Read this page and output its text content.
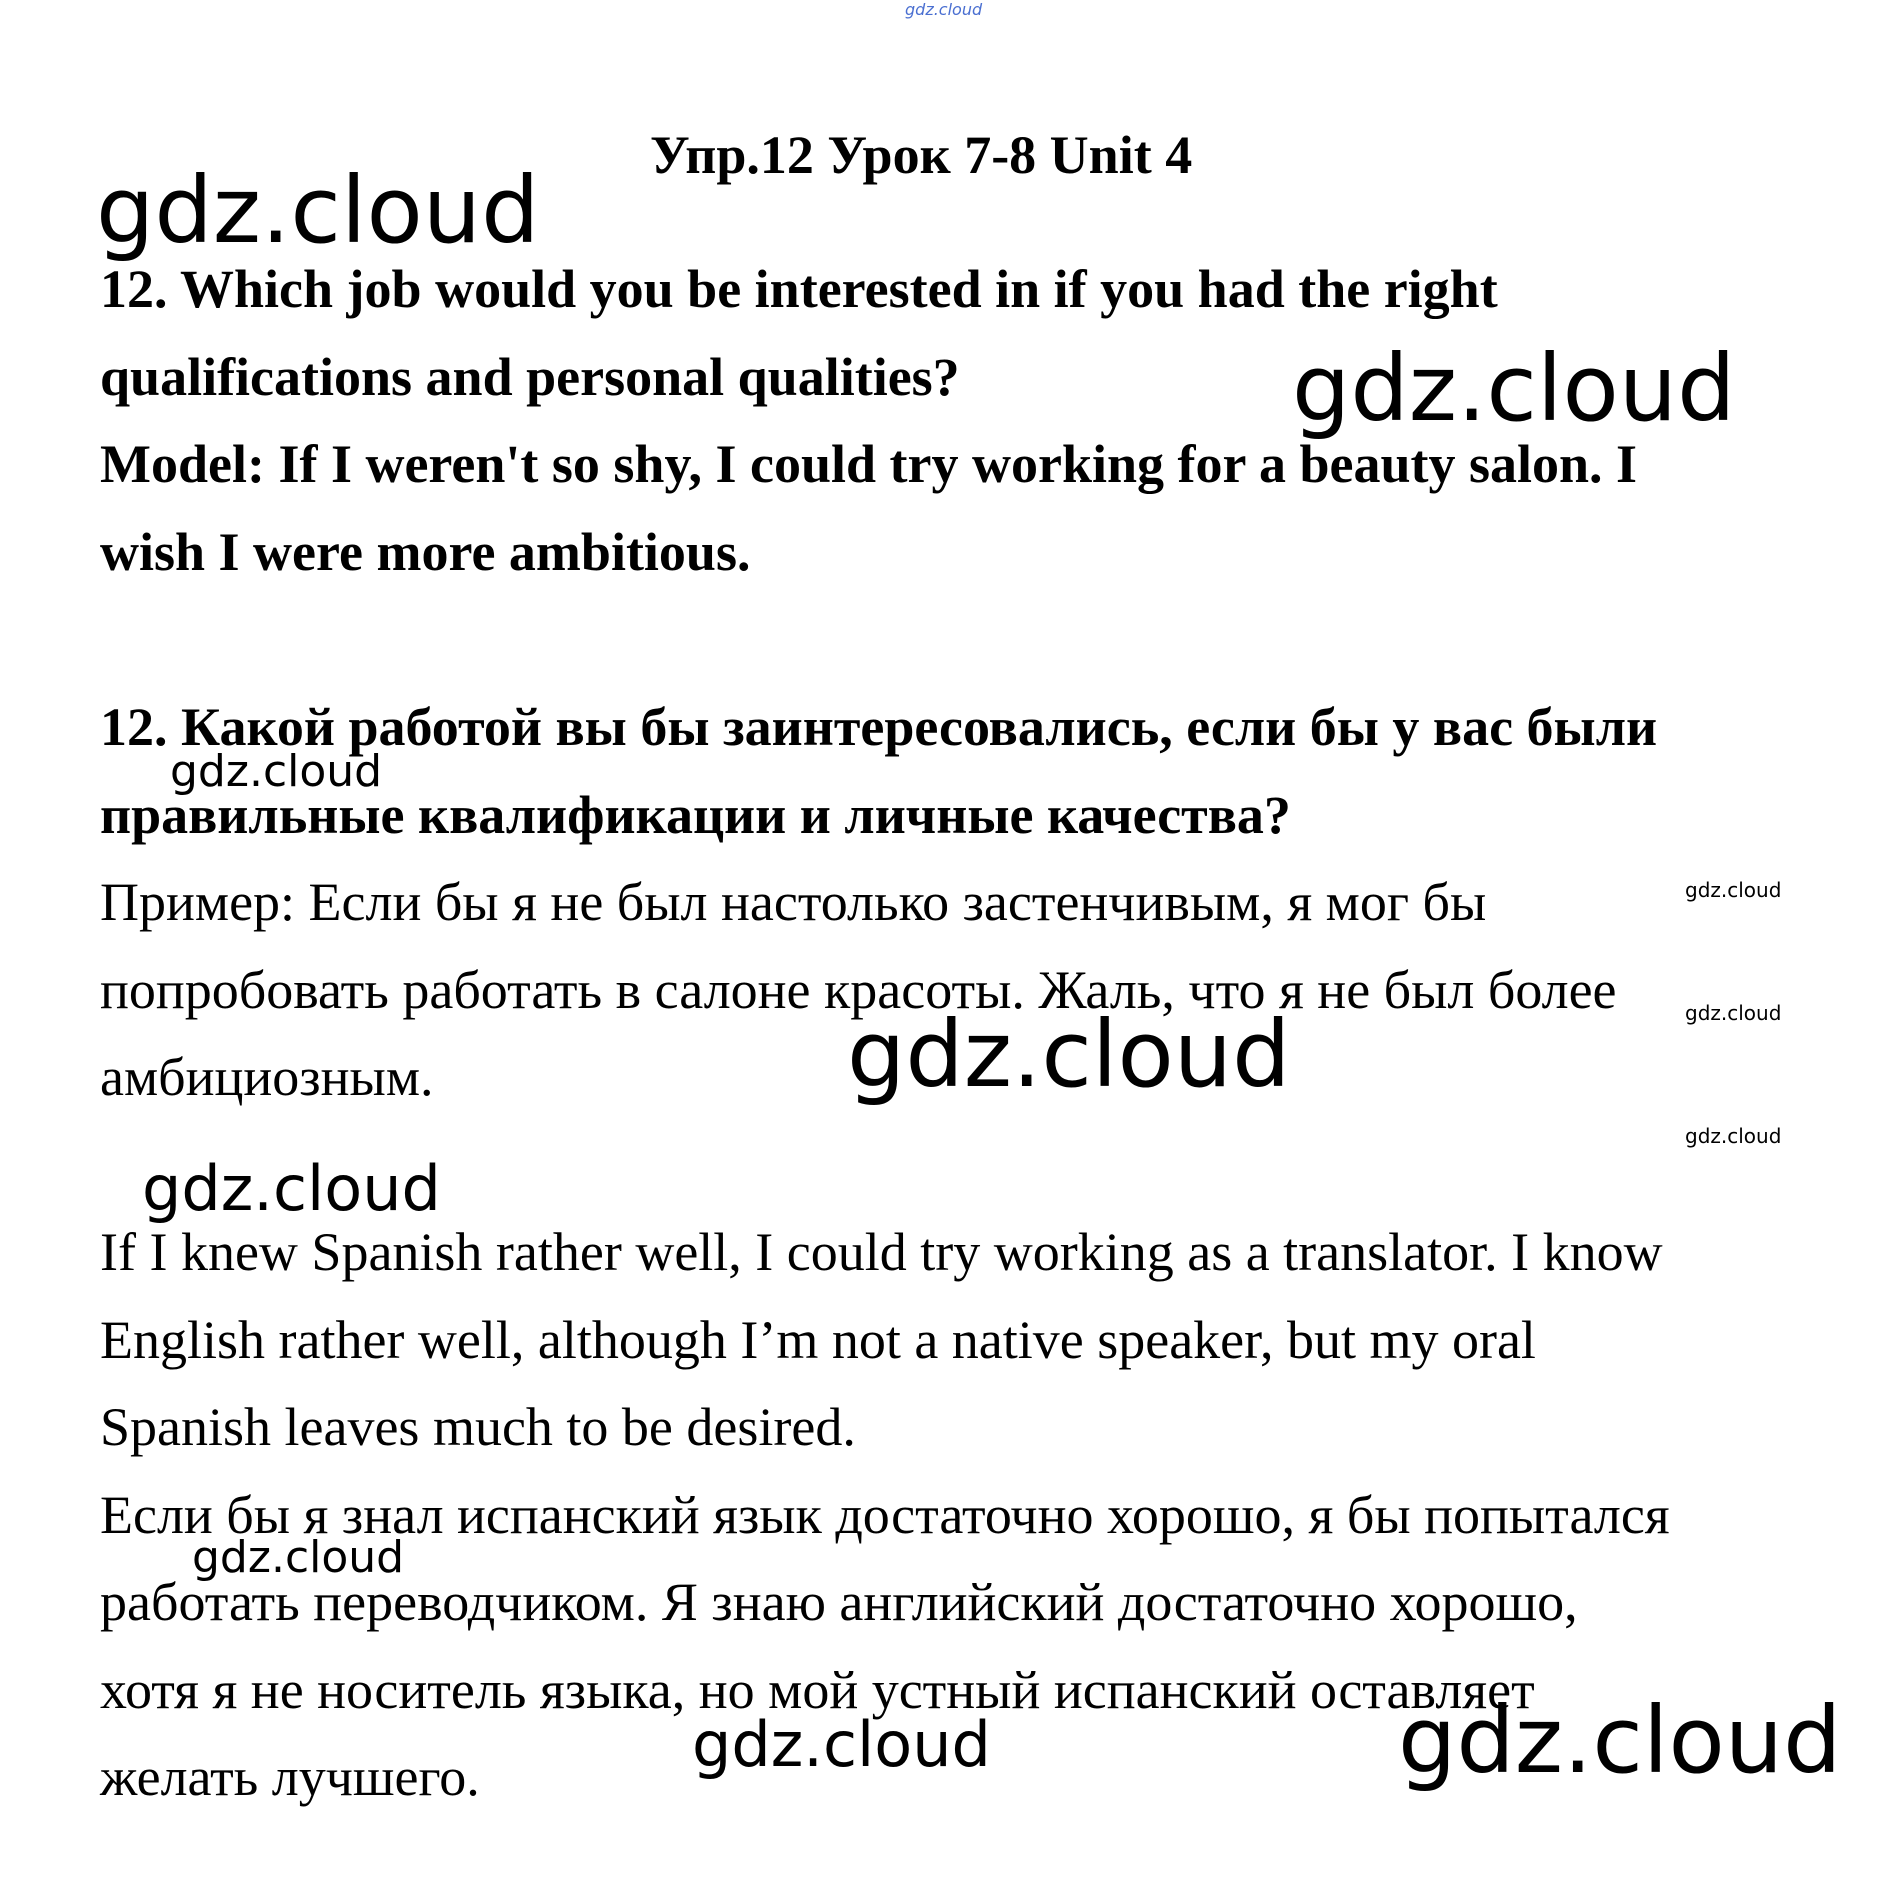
gdz.cloud
gdz.cloud
gdz.cloud
gdz.cloud
gdz.cloud
gdz.cloud
gdz.cloud
gdz.cloud
gdz.cloud
gdz.cloud
gdz.cloud	gdz.cloud
Упр.12 Урок 7-8 Unit 4
12. Which job would you be interested in if you had the right
qualifications and personal qualities?
Model: If I weren't so shy, I could try working for a beauty salon. I
wish I were more ambitious.
12. Какой работой вы бы заинтересовались, если бы у вас были
правильные квалификации и личные качества?
Пример: Если бы я не был настолько застенчивым, я мог бы
попробовать работать в салоне красоты. Жаль, что я не был более
амбициозным.
If I knew Spanish rather well, I could try working as a translator. I know
English rather well, although I’m not a native speaker, but my oral
Spanish leaves much to be desired.
Если бы я знал испанский язык достаточно хорошо, я бы попытался
работать переводчиком. Я знаю английский достаточно хорошо,
хотя я не носитель языка, но мой устный испанский оставляет
желать лучшего.
